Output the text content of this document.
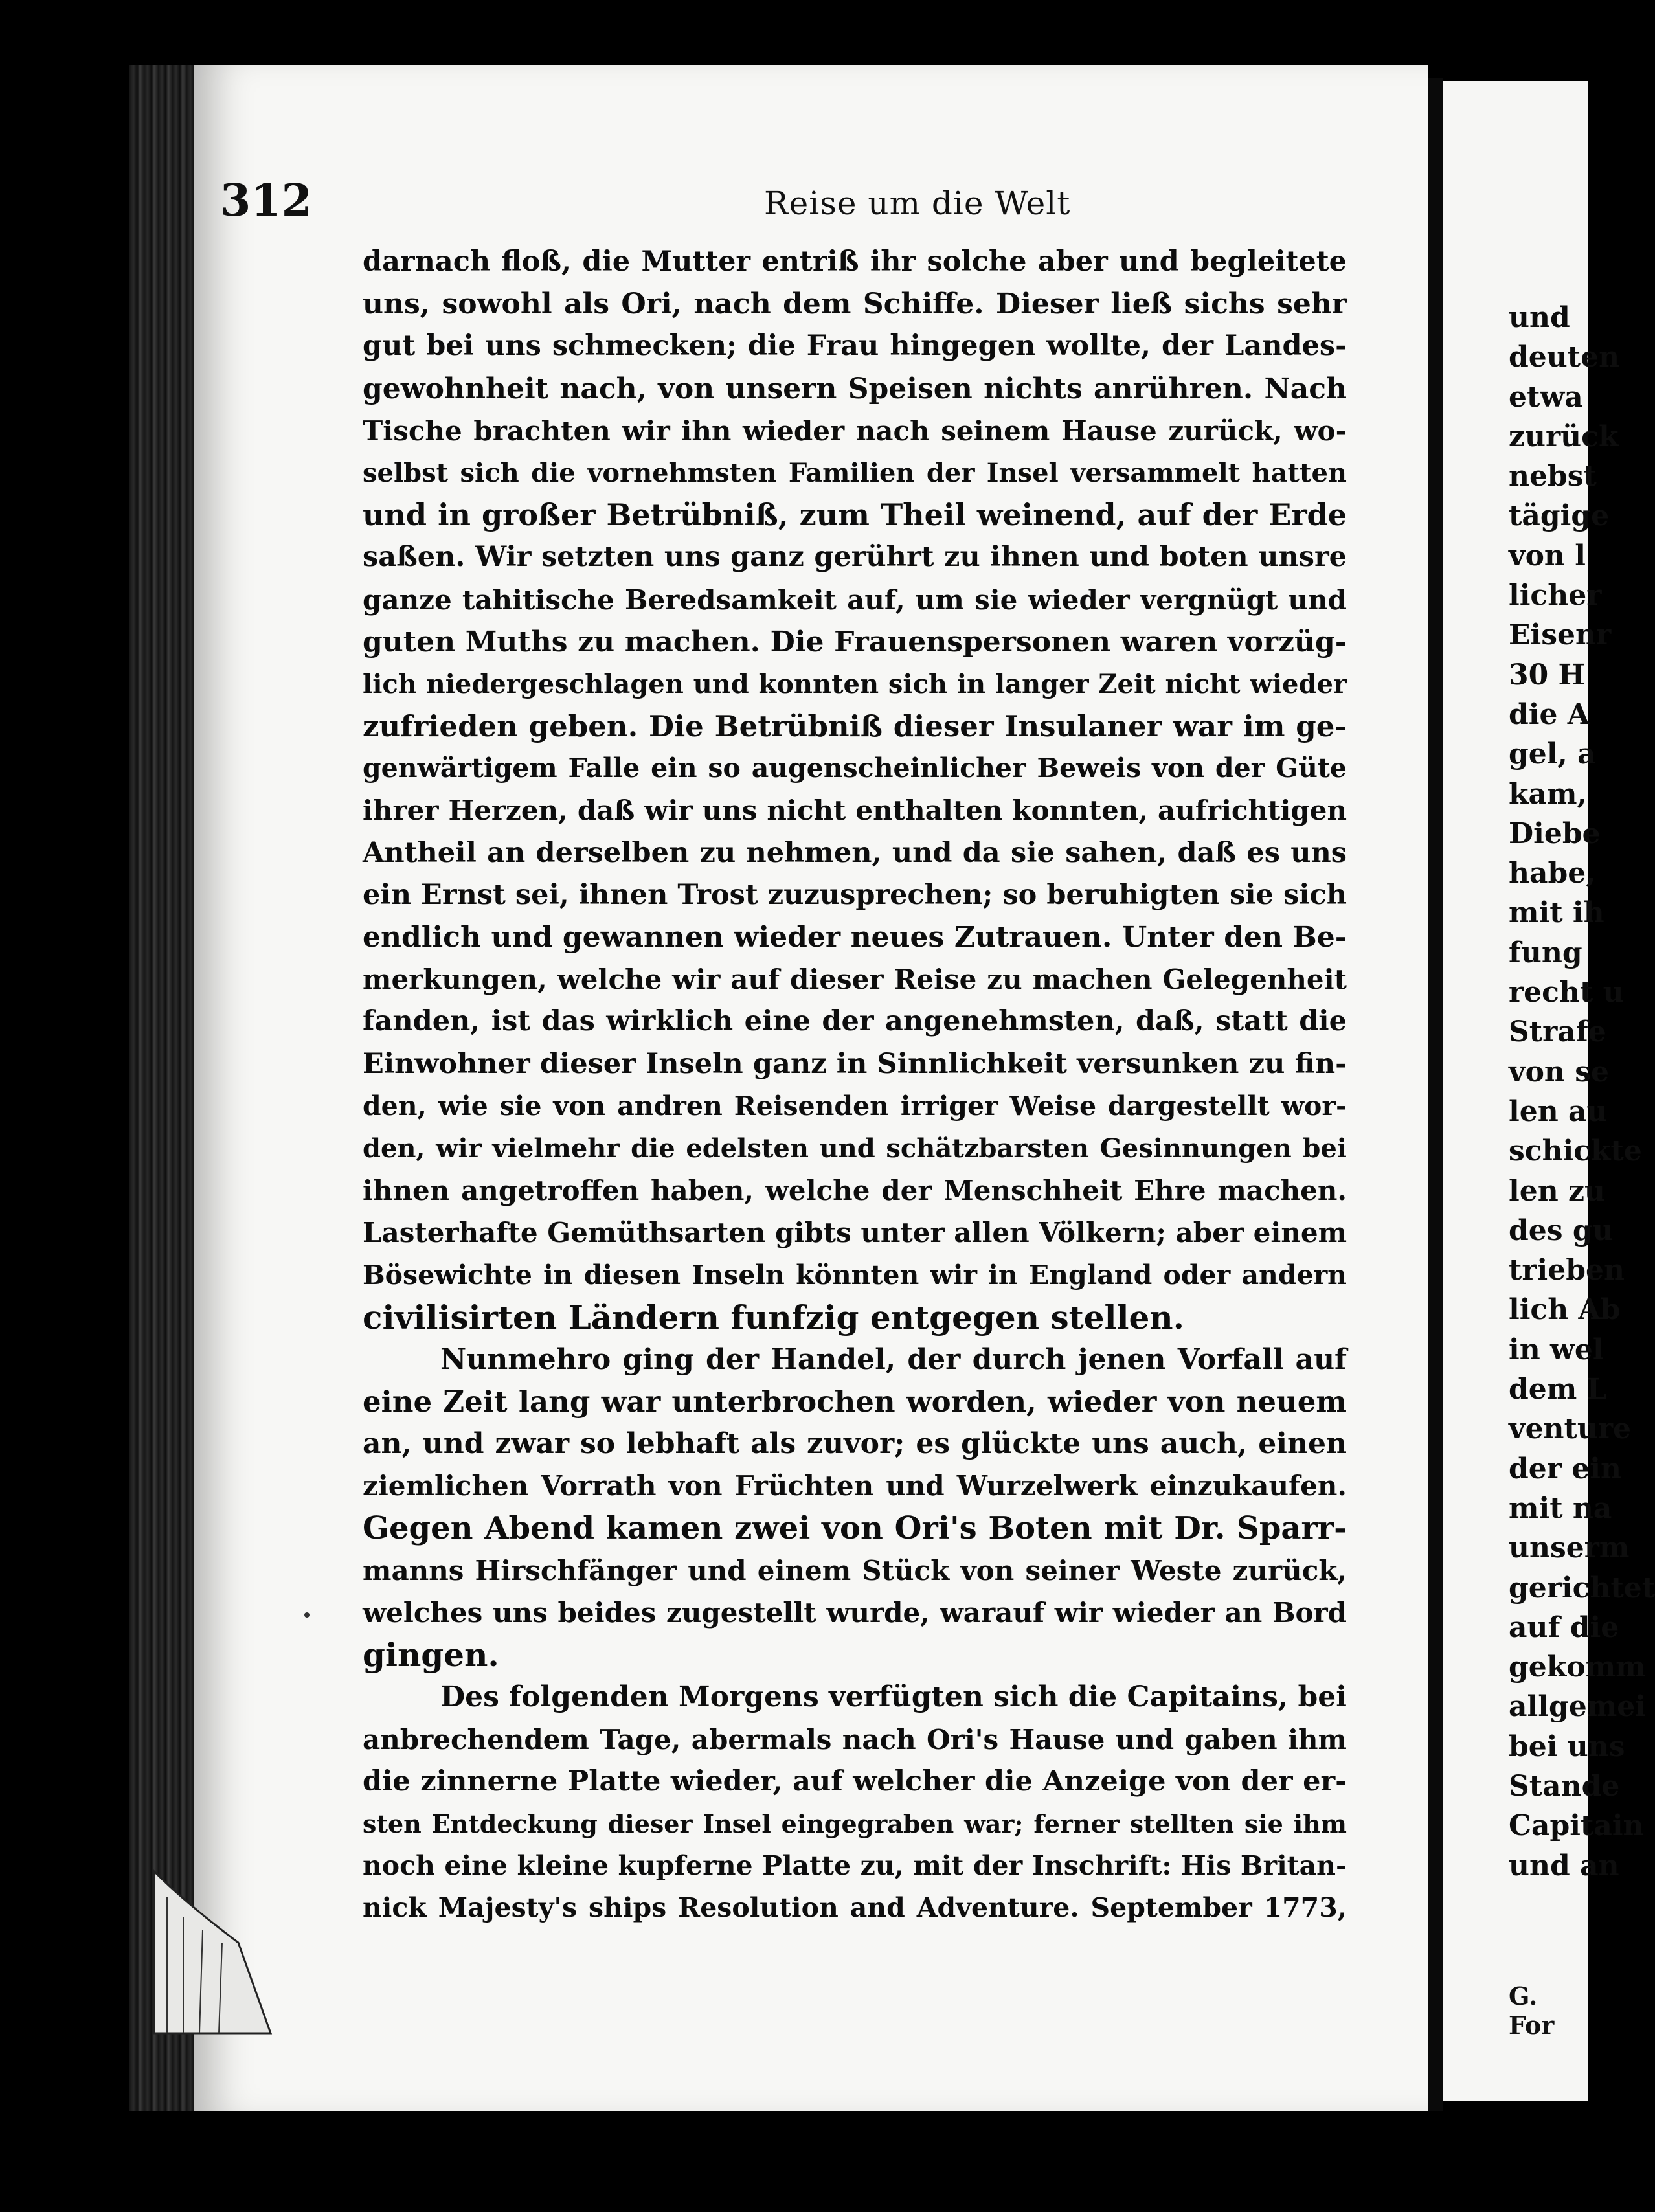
312	Reise um die Welt
darnach floß, die Mutter entriß ihr solche aber und begleitete
uns, sowohl als Ori, nach dem Schiffe. Dieser ließ sichs sehr
gut bei uns schmecken; die Frau hingegen wollte, der Landes-
gewohnheit nach, von unsern Speisen nichts anrühren. Nach
Tische brachten wir ihn wieder nach seinem Hause zurück, wo-
selbst sich die vornehmsten Familien der Insel versammelt hatten
und in großer Betrübniß, zum Theil weinend, auf der Erde
saßen. Wir setzten uns ganz gerührt zu ihnen und boten unsre
ganze tahitische Beredsamkeit auf, um sie wieder vergnügt und
guten Muths zu machen. Die Frauenspersonen waren vorzüg-
lich niedergeschlagen und konnten sich in langer Zeit nicht wieder
zufrieden geben. Die Betrübniß dieser Insulaner war im ge-
genwärtigem Falle ein so augenscheinlicher Beweis von der Güte
ihrer Herzen, daß wir uns nicht enthalten konnten, aufrichtigen
Antheil an derselben zu nehmen, und da sie sahen, daß es uns
ein Ernst sei, ihnen Trost zuzusprechen; so beruhigten sie sich
endlich und gewannen wieder neues Zutrauen. Unter den Be-
merkungen, welche wir auf dieser Reise zu machen Gelegenheit
fanden, ist das wirklich eine der angenehmsten, daß, statt die
Einwohner dieser Inseln ganz in Sinnlichkeit versunken zu fin-
den, wie sie von andren Reisenden irriger Weise dargestellt wor-
den, wir vielmehr die edelsten und schätzbarsten Gesinnungen bei
ihnen angetroffen haben, welche der Menschheit Ehre machen.
Lasterhafte Gemüthsarten gibts unter allen Völkern; aber einem
Bösewichte in diesen Inseln könnten wir in England oder andern
civilisirten Ländern funfzig entgegen stellen.
Nunmehro ging der Handel, der durch jenen Vorfall auf
eine Zeit lang war unterbrochen worden, wieder von neuem
an, und zwar so lebhaft als zuvor; es glückte uns auch, einen
ziemlichen Vorrath von Früchten und Wurzelwerk einzukaufen.
Gegen Abend kamen zwei von Ori's Boten mit Dr. Sparr-
manns Hirschfänger und einem Stück von seiner Weste zurück,
welches uns beides zugestellt wurde, warauf wir wieder an Bord
gingen.
Des folgenden Morgens verfügten sich die Capitains, bei
anbrechendem Tage, abermals nach Ori's Hause und gaben ihm
die zinnerne Platte wieder, auf welcher die Anzeige von der er-
sten Entdeckung dieser Insel eingegraben war; ferner stellten sie ihm
noch eine kleine kupferne Platte zu, mit der Inschrift: His Britan-
nick Majesty's ships Resolution and Adventure. September 1773,
und
deuten
etwa
zurück
nebst
tägige
von l
licher
Eisenr
30 H
die A
gel, a
kam,
Diebe
habe,
mit ih
fung
recht u
Strafe
von se
len au
schickte
len zu
des gu
trieben
lich Ab
in wel
dem L
venture
der ein
mit na
unserm
gerichtet
auf die
gekomm
allgemei
bei uns
Stande
Capitain
und an
G. For
